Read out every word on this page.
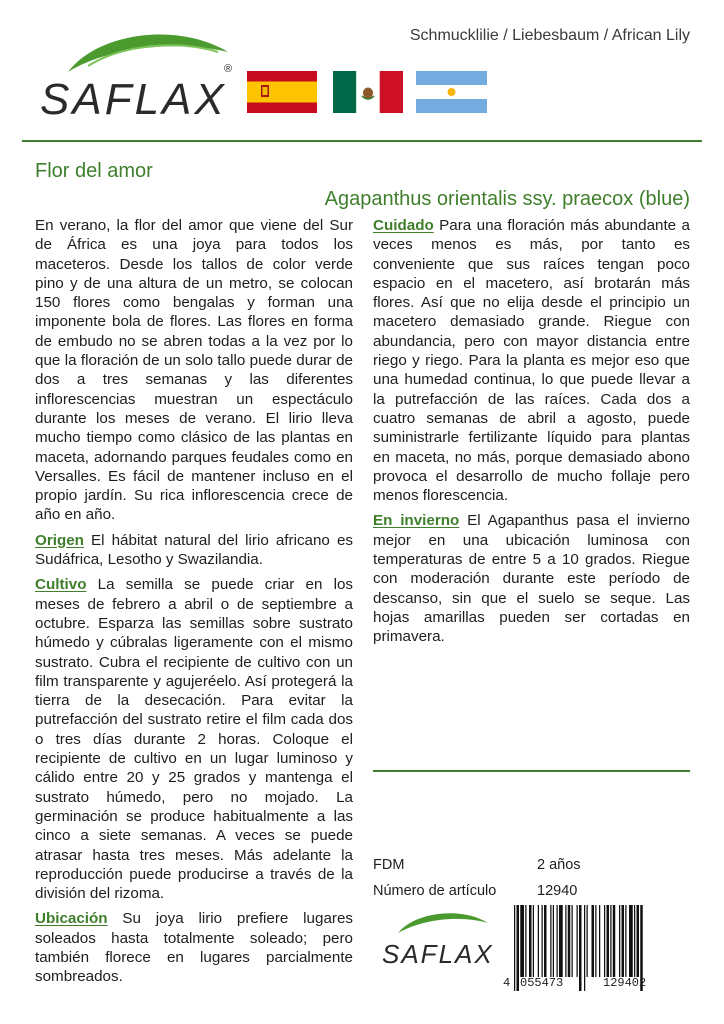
SAFLAX
®
Schmucklilie / Liebesbaum / African Lily
Flor del amor
Agapanthus orientalis ssy. praecox (blue)

En verano, la flor del amor que viene del Sur de África es una joya para todos los maceteros. Desde los tallos de color verde pino y de una altura de un metro, se colocan 150 flores como bengalas y forman una imponente bola de flores. Las flores en forma de embudo no se abren todas a la vez por lo que la floración de un solo tallo puede durar de dos a tres semanas y las diferentes inflorescencias muestran un espectáculo durante los meses de verano. El lirio lleva mucho tiempo como clásico de las plantas en maceta, adornando parques feudales como en Versalles. Es fácil de mantener incluso en el propio jardín. Su rica inflorescencia crece de año en año.

Origen El hábitat natural del lirio africano es Sudáfrica, Lesotho y Swazilandia.

Cultivo La semilla se puede criar en los meses de febrero a abril o de septiembre a octubre. Esparza las semillas sobre sustrato húmedo y cúbralas ligeramente con el mismo sustrato. Cubra el recipiente de cultivo con un film transparente y agujeréelo. Así protegerá la tierra de la desecación. Para evitar la putrefacción del sustrato retire el film cada dos o tres días durante 2 horas. Coloque el recipiente de cultivo en un lugar luminoso y cálido entre 20 y 25 grados y mantenga el sustrato húmedo, pero no mojado. La germinación se produce habitualmente a las cinco a siete semanas. A veces se puede atrasar hasta tres meses. Más adelante la reproducción puede producirse a través de la división del rizoma.

Ubicación Su joya lirio prefiere lugares soleados hasta totalmente soleado; pero también florece en lugares parcialmente sombreados.

Cuidado Para una floración más abundante a veces menos es más, por tanto es conveniente que sus raíces tengan poco espacio en el macetero, así brotarán más flores. Así que no elija desde el principio un macetero demasiado grande. Riegue con abundancia, pero con mayor distancia entre riego y riego. Para la planta es mejor eso que una humedad continua, lo que puede llevar a la putrefacción de las raíces. Cada dos a cuatro semanas de abril a agosto, puede suministrarle fertilizante líquido para plantas en maceta, no más, porque demasiado abono provoca el desarrollo de mucho follaje pero menos florescencia.

En invierno El Agapanthus pasa el invierno mejor en una ubicación luminosa con temperaturas de entre 5 a 10 grados. Riegue con moderación durante este período de descanso, sin que el suelo se seque. Las hojas amarillas pueden ser cortadas en primavera.

FDM	2 años
Número de artículo	12940
SAFLAX
4 055473	129402
